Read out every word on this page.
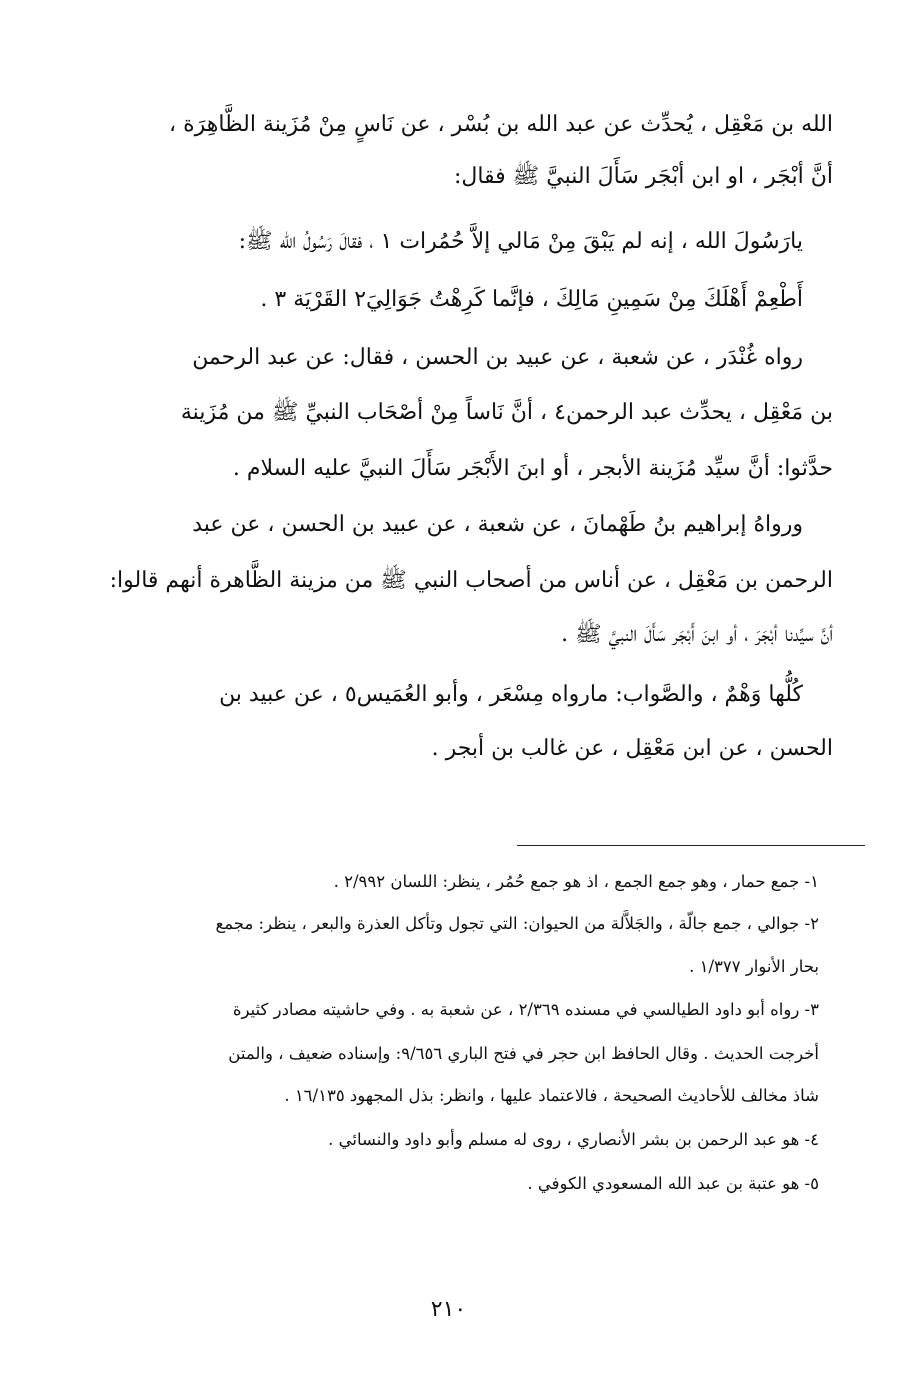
الله بن مَعْقِل ، يُحدِّث عن عبد الله بن بُسْر ، عن نَاسٍ مِنْ مُزَينة الظَّاهِرَة ،
أنَّ أبْجَر ، او ابن أبْجَر سَأَلَ النبيَّ ﷺ فقال:
يارَسُولَ الله ، إنه لم يَبْقَ مِنْ مَالي إلاَّ حُمُرات ١ ، فقالَ رَسُولُ الله ﷺ:
أَطْعِمْ أَهْلَكَ مِنْ سَمِينِ مَالِكَ ، فإنَّما كَرِهْتُ جَوَالِيَ٢ القَرْيَة ٣ .
رواه غُنْدَر ، عن شعبة ، عن عبيد بن الحسن ، فقال: عن عبد الرحمن
بن مَعْقِل ، يحدِّث عبد الرحمن٤ ، أنَّ نَاساً مِنْ أصْحَاب النبيِّ ﷺ من مُزَينة
حدَّثوا: أنَّ سيِّد مُزَينة الأبجر ، أو ابنَ الأَبْجَر سَأَلَ النبيَّ عليه السلام .
ورواهُ إبراهيم بنُ طَهْمانَ ، عن شعبة ، عن عبيد بن الحسن ، عن عبد
الرحمن بن مَعْقِل ، عن أناس من أصحاب النبي ﷺ من مزينة الظَّاهرة أنهم قالوا:
أنَّ سيِّدنا أبْجَرَ ، أو ابنَ أَبْجَر سَأَلَ النبيَّ ﷺ .
كُلُّها وَهْمٌ ، والصَّواب: مارواه مِسْعَر ، وأبو العُمَيس٥ ، عن عبيد بن
الحسن ، عن ابن مَعْقِل ، عن غالب بن أبجر .
١- جمع حمار ، وهو جمع الجمع ، اذ هو جمع حُمُر ، ينظر: اللسان ٢/٩٩٢ .
٢- جوالي ، جمع جالّة ، والجَلاَّلة من الحيوان: التي تجول وتأكل العذرة والبعر ، ينظر: مجمع
بحار الأنوار ١/٣٧٧ .
٣- رواه أبو داود الطيالسي في مسنده ٢/٣٦٩ ، عن شعبة به . وفي حاشيته مصادر كثيرة
أخرجت الحديث . وقال الحافظ ابن حجر في فتح الباري ٩/٦٥٦: وإسناده ضعيف ، والمتن
شاذ مخالف للأحاديث الصحيحة ، فالاعتماد عليها ، وانظر: بذل المجهود ١٦/١٣٥ .
٤- هو عبد الرحمن بن بشر الأنصاري ، روى له مسلم وأبو داود والنسائي .
٥- هو عتبة بن عبد الله المسعودي الكوفي .
٢١٠
